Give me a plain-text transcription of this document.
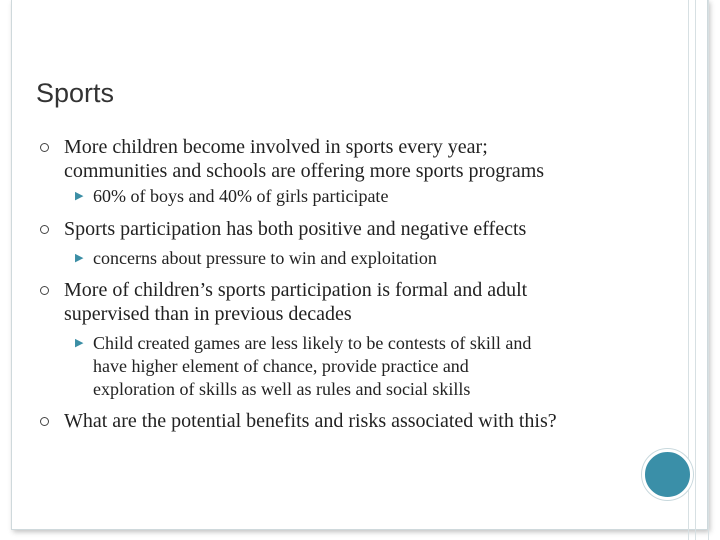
Sports
More children become involved in sports every year;
communities and schools are offering more sports programs
▶ 60% of boys and 40% of girls participate
Sports participation has both positive and negative effects
▶ concerns about pressure to win and exploitation
More of children’s sports participation is formal and adult
supervised than in previous decades
▶ Child created games are less likely to be contests of skill and
have higher element of chance, provide practice and
exploration of skills as well as rules and social skills
What are the potential benefits and risks associated with this?
